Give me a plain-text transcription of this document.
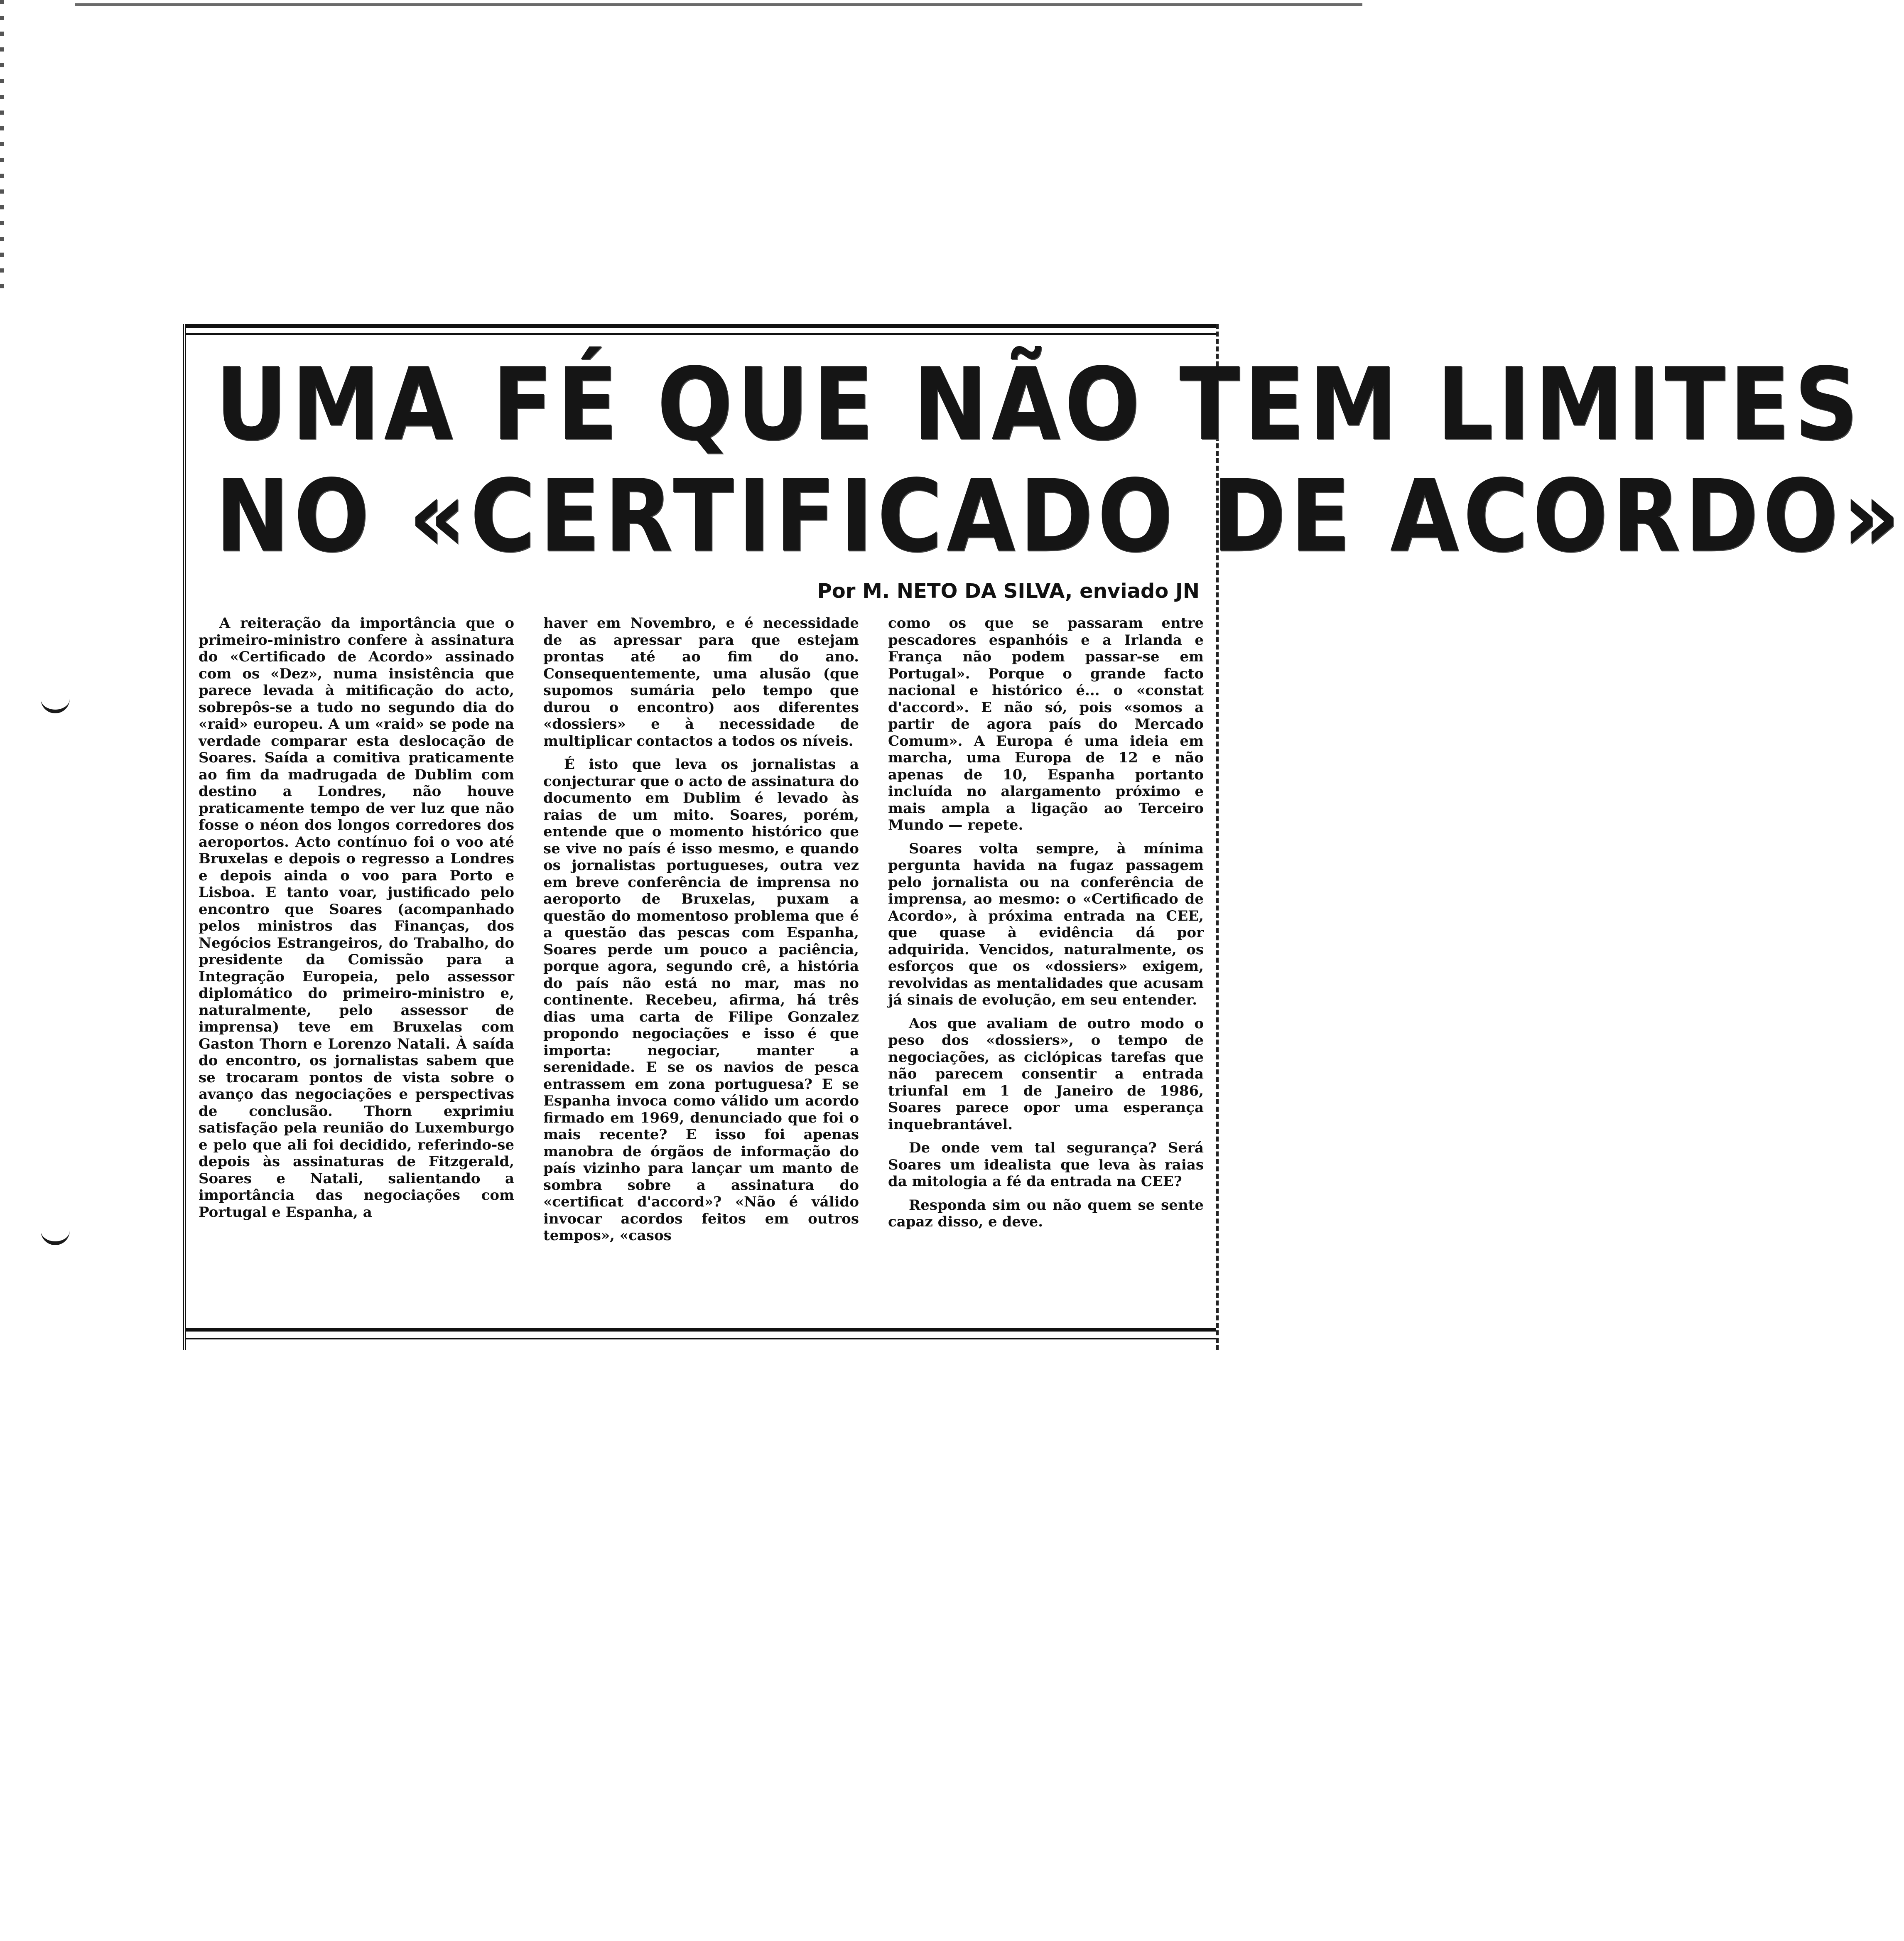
UMA FÉ QUE NÃO TEM LIMITES
NO «CERTIFICADO DE ACORDO»
Por M. NETO DA SILVA, enviado JN

A reiteração da importância que o primeiro-ministro confere à assinatura do «Certificado de Acordo» assinado com os «Dez», numa insistência que parece levada à mitificação do acto, sobrepôs-se a tudo no segundo dia do «raid» europeu. A um «raid» se pode na verdade comparar esta deslocação de Soares. Saída a comitiva praticamente ao fim da madrugada de Dublim com destino a Londres, não houve praticamente tempo de ver luz que não fosse o néon dos longos corredores dos aeroportos. Acto contínuo foi o voo até Bruxelas e depois o regresso a Londres e depois ainda o voo para Porto e Lisboa. E tanto voar, justificado pelo encontro que Soares (acompanhado pelos ministros das Finanças, dos Negócios Estrangeiros, do Trabalho, do presidente da Comissão para a Integração Europeia, pelo assessor diplomático do primeiro-ministro e, naturalmente, pelo assessor de imprensa) teve em Bruxelas com Gaston Thorn e Lorenzo Natali. À saída do encontro, os jornalistas sabem que se trocaram pontos de vista sobre o avanço das negociações e perspectivas de conclusão. Thorn exprimiu satisfação pela reunião do Luxemburgo e pelo que ali foi decidido, referindo-se depois às assinaturas de Fitzgerald, Soares e Natali, salientando a importância das negociações com Portugal e Espanha, a

haver em Novembro, e é necessidade de as apressar para que estejam prontas até ao fim do ano. Consequentemente, uma alusão (que supomos sumária pelo tempo que durou o encontro) aos diferentes «dossiers» e à necessidade de multiplicar contactos a todos os níveis.

É isto que leva os jornalistas a conjecturar que o acto de assinatura do documento em Dublim é levado às raias de um mito. Soares, porém, entende que o momento histórico que se vive no país é isso mesmo, e quando os jornalistas portugueses, outra vez em breve conferência de imprensa no aeroporto de Bruxelas, puxam a questão do momentoso problema que é a questão das pescas com Espanha, Soares perde um pouco a paciência, porque agora, segundo crê, a história do país não está no mar, mas no continente. Recebeu, afirma, há três dias uma carta de Filipe Gonzalez propondo negociações e isso é que importa: negociar, manter a serenidade. E se os navios de pesca entrassem em zona portuguesa? E se Espanha invoca como válido um acordo firmado em 1969, denunciado que foi o mais recente? E isso foi apenas manobra de órgãos de informação do país vizinho para lançar um manto de sombra sobre a assinatura do «certificat d'accord»? «Não é válido invocar acordos feitos em outros tempos», «casos

como os que se passaram entre pescadores espanhóis e a Irlanda e França não podem passar-se em Portugal». Porque o grande facto nacional e histórico é... o «constat d'accord». E não só, pois «somos a partir de agora país do Mercado Comum». A Europa é uma ideia em marcha, uma Europa de 12 e não apenas de 10, Espanha portanto incluída no alargamento próximo e mais ampla a ligação ao Terceiro Mundo — repete.

Soares volta sempre, à mínima pergunta havida na fugaz passagem pelo jornalista ou na conferência de imprensa, ao mesmo: o «Certificado de Acordo», à próxima entrada na CEE, que quase à evidência dá por adquirida. Vencidos, naturalmente, os esforços que os «dossiers» exigem, revolvidas as mentalidades que acusam já sinais de evolução, em seu entender.

Aos que avaliam de outro modo o peso dos «dossiers», o tempo de negociações, as ciclópicas tarefas que não parecem consentir a entrada triunfal em 1 de Janeiro de 1986, Soares parece opor uma esperança inquebrantável.

De onde vem tal segurança? Será Soares um idealista que leva às raias da mitologia a fé da entrada na CEE?

Responda sim ou não quem se sente capaz disso, e deve.
